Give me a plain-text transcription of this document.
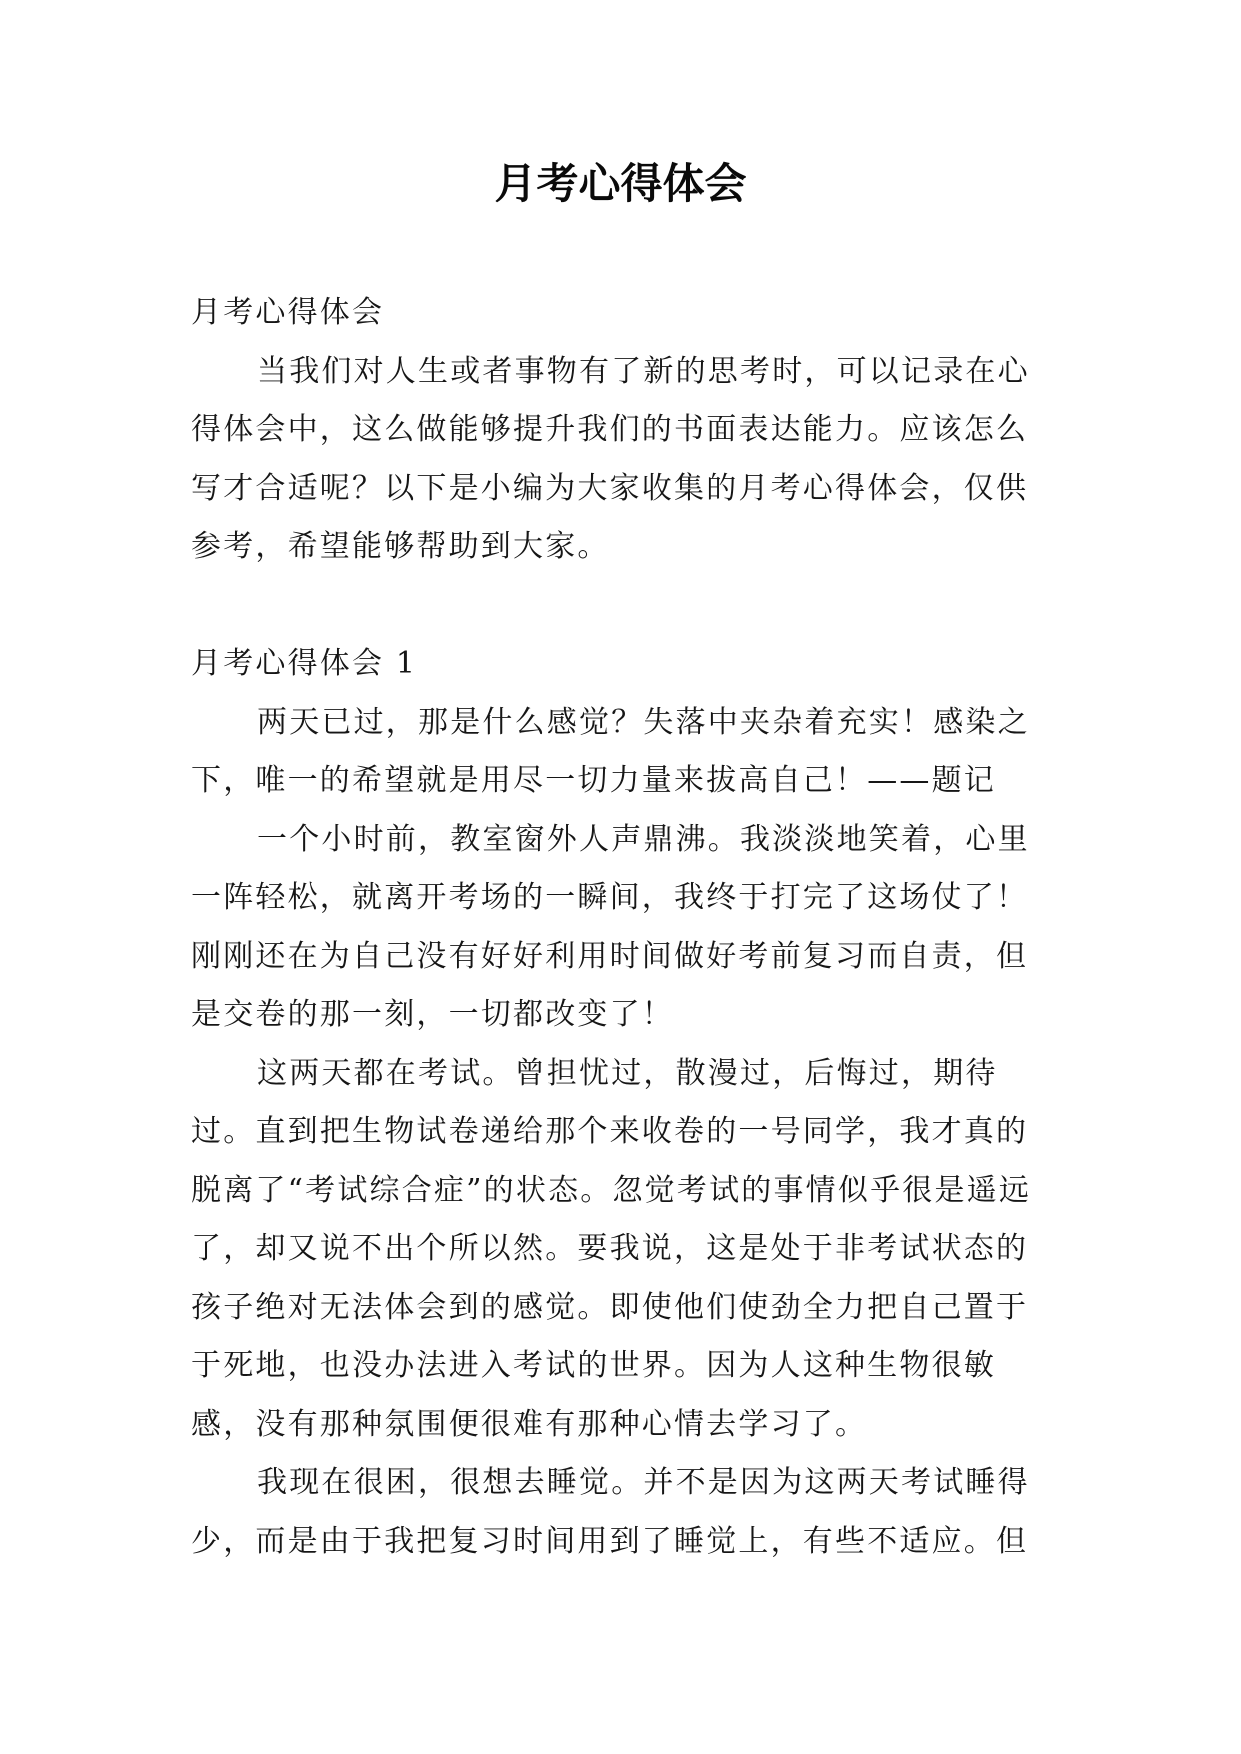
月考心得体会

月考心得体会

当我们对人生或者事物有了新的思考时，可以记录在心得体会中，这么做能够提升我们的书面表达能力。应该怎么写才合适呢？以下是小编为大家收集的月考心得体会，仅供参考，希望能够帮助到大家。

月考心得体会 1

两天已过，那是什么感觉？失落中夹杂着充实！感染之下，唯一的希望就是用尽一切力量来拔高自己！——题记

一个小时前，教室窗外人声鼎沸。我淡淡地笑着，心里一阵轻松，就离开考场的一瞬间，我终于打完了这场仗了！刚刚还在为自己没有好好利用时间做好考前复习而自责，但是交卷的那一刻，一切都改变了！

这两天都在考试。曾担忧过，散漫过，后悔过，期待过。直到把生物试卷递给那个来收卷的一号同学，我才真的脱离了“考试综合症”的状态。忽觉考试的事情似乎很是遥远了，却又说不出个所以然。要我说，这是处于非考试状态的孩子绝对无法体会到的感觉。即使他们使劲全力把自己置于于死地，也没办法进入考试的世界。因为人这种生物很敏感，没有那种氛围便很难有那种心情去学习了。

我现在很困，很想去睡觉。并不是因为这两天考试睡得少，而是由于我把复习时间用到了睡觉上，有些不适应。但
